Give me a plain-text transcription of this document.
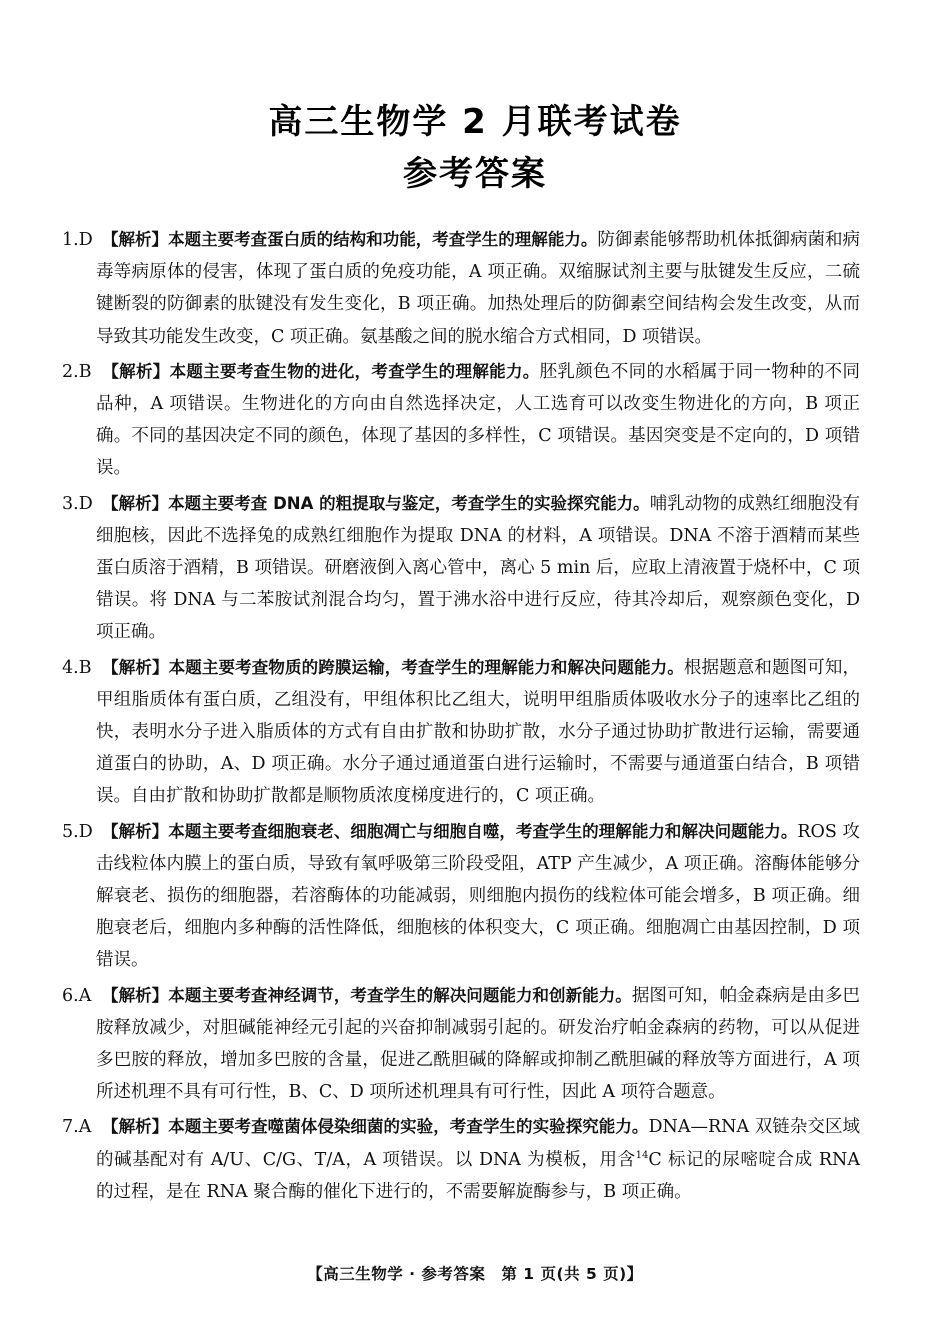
高三生物学 2 月联考试卷
参考答案
1.D 【解析】本题主要考查蛋白质的结构和功能，考查学生的理解能力。防御素能够帮助机体抵御病菌和病毒等病原体的侵害，体现了蛋白质的免疫功能，A 项正确。双缩脲试剂主要与肽键发生反应，二硫键断裂的防御素的肽键没有发生变化，B 项正确。加热处理后的防御素空间结构会发生改变，从而导致其功能发生改变，C 项正确。氨基酸之间的脱水缩合方式相同，D 项错误。
2.B 【解析】本题主要考查生物的进化，考查学生的理解能力。胚乳颜色不同的水稻属于同一物种的不同品种，A 项错误。生物进化的方向由自然选择决定，人工选育可以改变生物进化的方向，B 项正确。不同的基因决定不同的颜色，体现了基因的多样性，C 项错误。基因突变是不定向的，D 项错误。
3.D 【解析】本题主要考查 DNA 的粗提取与鉴定，考查学生的实验探究能力。哺乳动物的成熟红细胞没有细胞核，因此不选择兔的成熟红细胞作为提取 DNA 的材料，A 项错误。DNA 不溶于酒精而某些蛋白质溶于酒精，B 项错误。研磨液倒入离心管中，离心 5 min 后，应取上清液置于烧杯中，C 项错误。将 DNA 与二苯胺试剂混合均匀，置于沸水浴中进行反应，待其冷却后，观察颜色变化，D 项正确。
4.B 【解析】本题主要考查物质的跨膜运输，考查学生的理解能力和解决问题能力。根据题意和题图可知，甲组脂质体有蛋白质，乙组没有，甲组体积比乙组大，说明甲组脂质体吸收水分子的速率比乙组的快，表明水分子进入脂质体的方式有自由扩散和协助扩散，水分子通过协助扩散进行运输，需要通道蛋白的协助，A、D 项正确。水分子通过通道蛋白进行运输时，不需要与通道蛋白结合，B 项错误。自由扩散和协助扩散都是顺物质浓度梯度进行的，C 项正确。
5.D 【解析】本题主要考查细胞衰老、细胞凋亡与细胞自噬，考查学生的理解能力和解决问题能力。ROS 攻击线粒体内膜上的蛋白质，导致有氧呼吸第三阶段受阻，ATP 产生减少，A 项正确。溶酶体能够分解衰老、损伤的细胞器，若溶酶体的功能减弱，则细胞内损伤的线粒体可能会增多，B 项正确。细胞衰老后，细胞内多种酶的活性降低，细胞核的体积变大，C 项正确。细胞凋亡由基因控制，D 项错误。
6.A 【解析】本题主要考查神经调节，考查学生的解决问题能力和创新能力。据图可知，帕金森病是由多巴胺释放减少，对胆碱能神经元引起的兴奋抑制减弱引起的。研发治疗帕金森病的药物，可以从促进多巴胺的释放，增加多巴胺的含量，促进乙酰胆碱的降解或抑制乙酰胆碱的释放等方面进行，A 项所述机理不具有可行性，B、C、D 项所述机理具有可行性，因此 A 项符合题意。
7.A 【解析】本题主要考查噬菌体侵染细菌的实验，考查学生的实验探究能力。DNA—RNA 双链杂交区域的碱基配对有 A/U、C/G、T/A，A 项错误。以 DNA 为模板，用含$^{14}$C 标记的尿嘧啶合成 RNA 的过程，是在 RNA 聚合酶的催化下进行的，不需要解旋酶参与，B 项正确。
【高三生物学 · 参考答案　第 1 页(共 5 页)】
